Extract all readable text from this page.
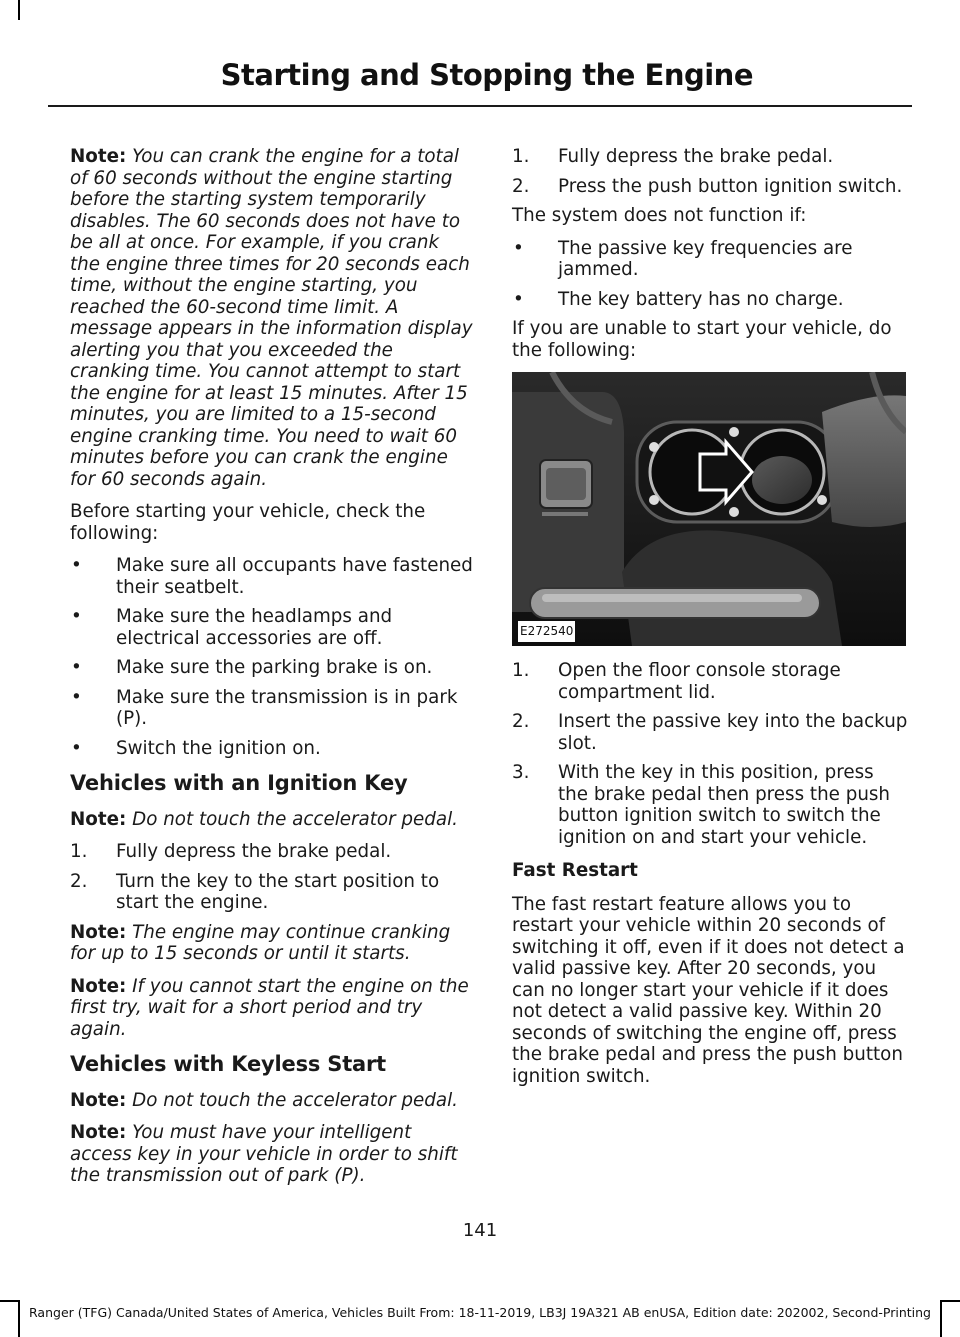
Starting and Stopping the Engine

Note: You can crank the engine for a total of 60 seconds without the engine starting before the starting system temporarily disables. The 60 seconds does not have to be all at once. For example, if you crank the engine three times for 20 seconds each time, without the engine starting, you reached the 60-second time limit. A message appears in the information display alerting you that you exceeded the cranking time. You cannot attempt to start the engine for at least 15 minutes. After 15 minutes, you are limited to a 15-second engine cranking time. You need to wait 60 minutes before you can crank the engine for 60 seconds again.

Before starting your vehicle, check the following:

• Make sure all occupants have fastened their seatbelt.
• Make sure the headlamps and electrical accessories are off.
• Make sure the parking brake is on.
• Make sure the transmission is in park (P).
• Switch the ignition on.
Vehicles with an Ignition Key

Note: Do not touch the accelerator pedal.

1. Fully depress the brake pedal.
2. Turn the key to the start position to start the engine.

Note: The engine may continue cranking for up to 15 seconds or until it starts.

Note: If you cannot start the engine on the first try, wait for a short period and try again.

Vehicles with Keyless Start

Note: Do not touch the accelerator pedal.

Note: You must have your intelligent access key in your vehicle in order to shift the transmission out of park (P).

1. Fully depress the brake pedal.
2. Press the push button ignition switch.

The system does not function if:

• The passive key frequencies are jammed.
• The key battery has no charge.

If you are unable to start your vehicle, do the following:

E272540
1. Open the floor console storage compartment lid.
2. Insert the passive key into the backup slot.
3. With the key in this position, press the brake pedal then press the push button ignition switch to switch the ignition on and start your vehicle.
Fast Restart

The fast restart feature allows you to restart your vehicle within 20 seconds of switching it off, even if it does not detect a valid passive key. After 20 seconds, you can no longer start your vehicle if it does not detect a valid passive key. Within 20 seconds of switching the engine off, press the brake pedal and press the push button ignition switch.

141
Ranger (TFG) Canada/United States of America, Vehicles Built From: 18-11-2019, LB3J 19A321 AB enUSA, Edition date: 202002, Second-Printing
